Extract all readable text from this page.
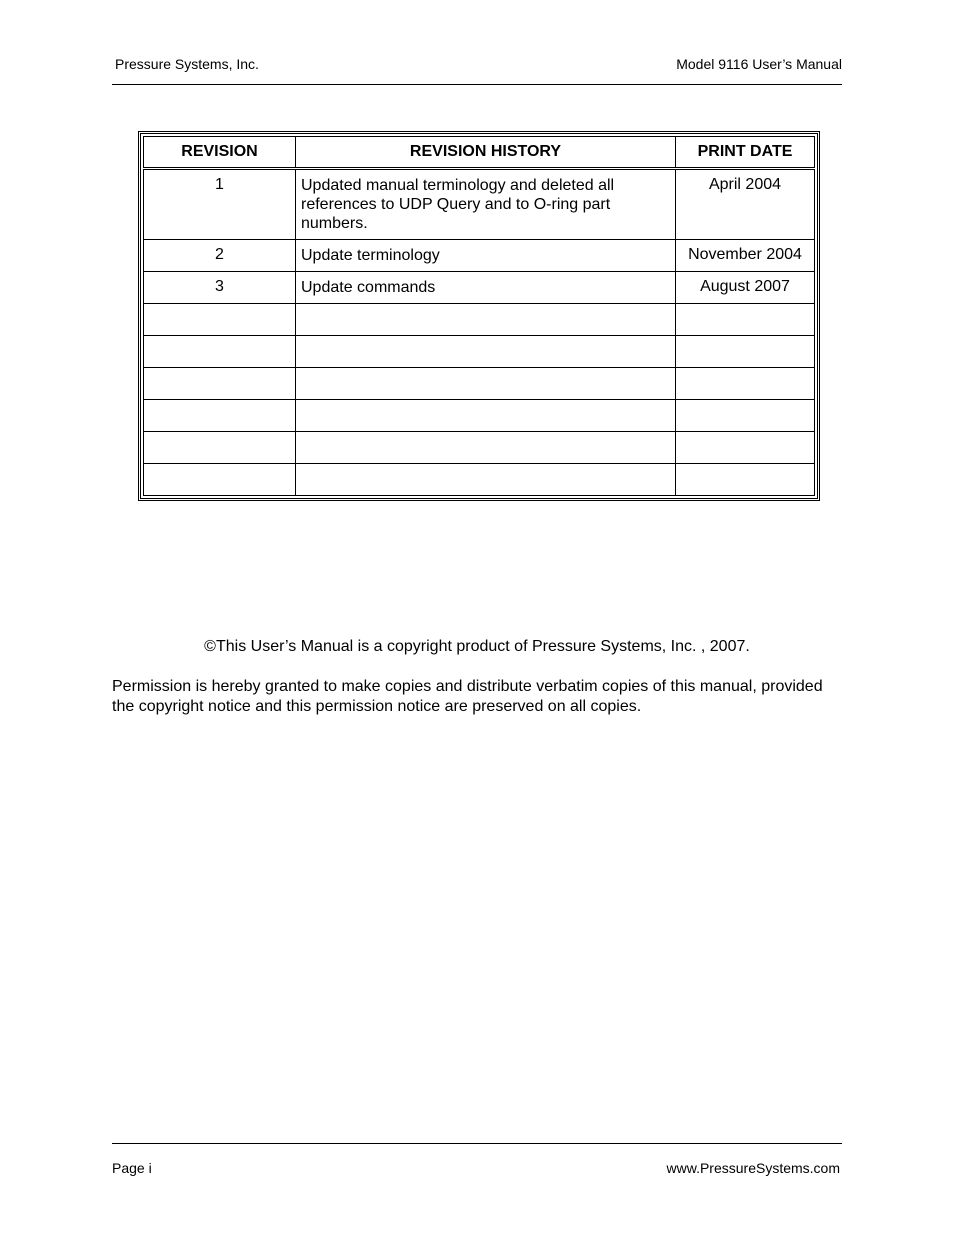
Pressure Systems, Inc.	Model 9116 User’s Manual
REVISION	REVISION HISTORY	PRINT DATE
1	Updated manual terminology and deleted all references to UDP Query and to O-ring part numbers.	April 2004
2	Update terminology	November 2004
3	Update commands	August 2007

©This User’s Manual is a copyright product of Pressure Systems, Inc. , 2007.
Permission is hereby granted to make copies and distribute verbatim copies of this manual, provided the copyright notice and this permission notice are preserved on all copies.
Page i	www.PressureSystems.com
